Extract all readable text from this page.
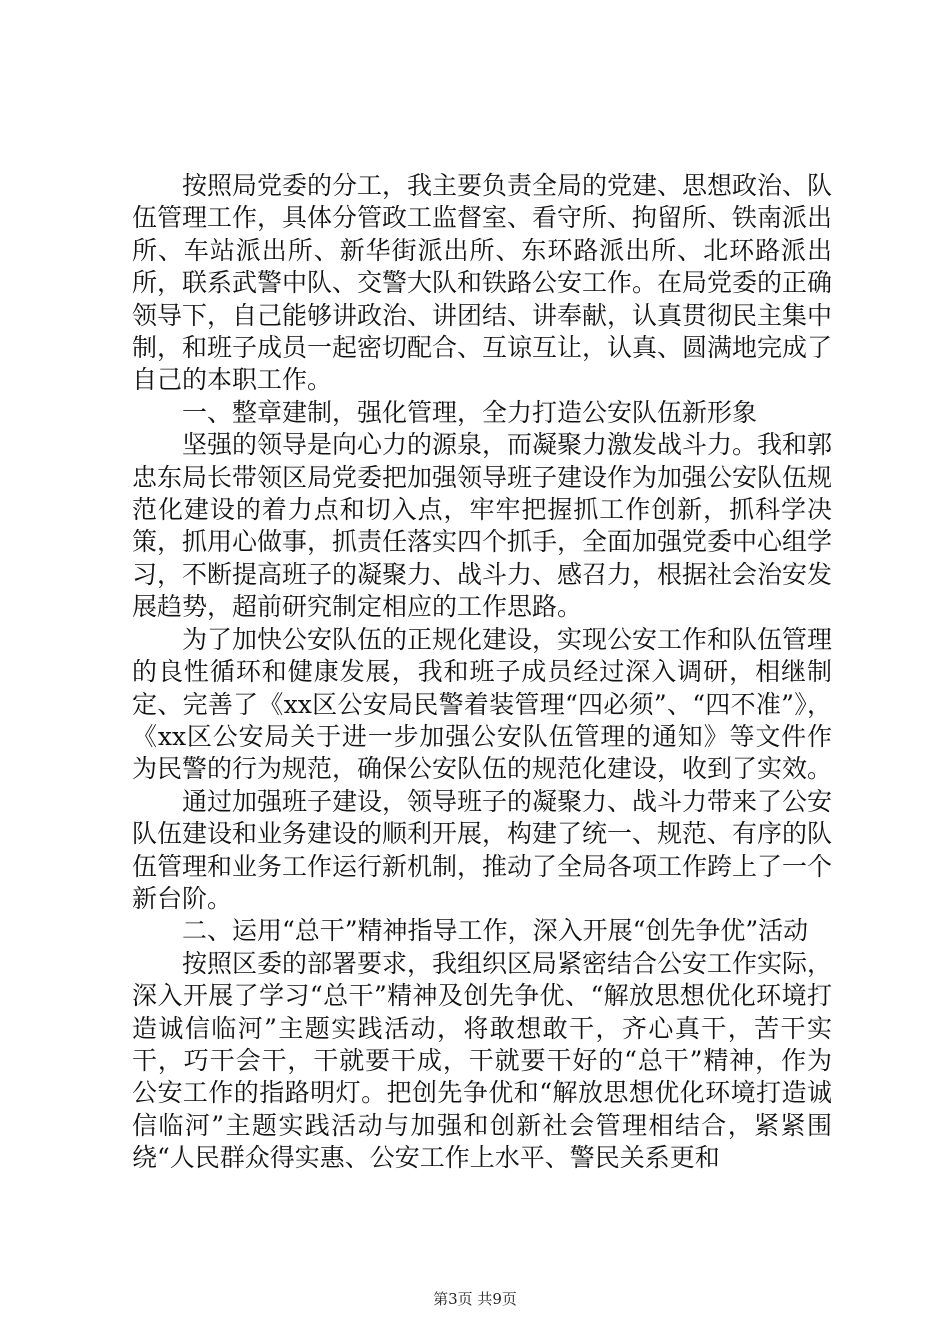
按照局党委的分工，我主要负责全局的党建、思想政治、队伍管理工作，具体分管政工监督室、看守所、拘留所、铁南派出所、车站派出所、新华街派出所、东环路派出所、北环路派出所，联系武警中队、交警大队和铁路公安工作。在局党委的正确领导下，自己能够讲政治、讲团结、讲奉献，认真贯彻民主集中制，和班子成员一起密切配合、互谅互让，认真、圆满地完成了自己的本职工作。

一、整章建制，强化管理，全力打造公安队伍新形象

坚强的领导是向心力的源泉，而凝聚力激发战斗力。我和郭忠东局长带领区局党委把加强领导班子建设作为加强公安队伍规范化建设的着力点和切入点，牢牢把握抓工作创新，抓科学决策，抓用心做事，抓责任落实四个抓手，全面加强党委中心组学习，不断提高班子的凝聚力、战斗力、感召力，根据社会治安发展趋势，超前研究制定相应的工作思路。

为了加快公安队伍的正规化建设，实现公安工作和队伍管理的良性循环和健康发展，我和班子成员经过深入调研，相继制定、完善了《xx区公安局民警着装管理“四必须”、“四不准”》，《xx区公安局关于进一步加强公安队伍管理的通知》等文件作为民警的行为规范，确保公安队伍的规范化建设，收到了实效。

通过加强班子建设，领导班子的凝聚力、战斗力带来了公安队伍建设和业务建设的顺利开展，构建了统一、规范、有序的队伍管理和业务工作运行新机制，推动了全局各项工作跨上了一个新台阶。

二、运用“总干”精神指导工作，深入开展“创先争优”活动

按照区委的部署要求，我组织区局紧密结合公安工作实际，深入开展了学习“总干”精神及创先争优、“解放思想优化环境打造诚信临河”主题实践活动，将敢想敢干，齐心真干，苦干实干，巧干会干，干就要干成，干就要干好的“总干”精神，作为公安工作的指路明灯。把创先争优和“解放思想优化环境打造诚信临河”主题实践活动与加强和创新社会管理相结合，紧紧围绕“人民群众得实惠、公安工作上水平、警民关系更和

第3页 共9页
